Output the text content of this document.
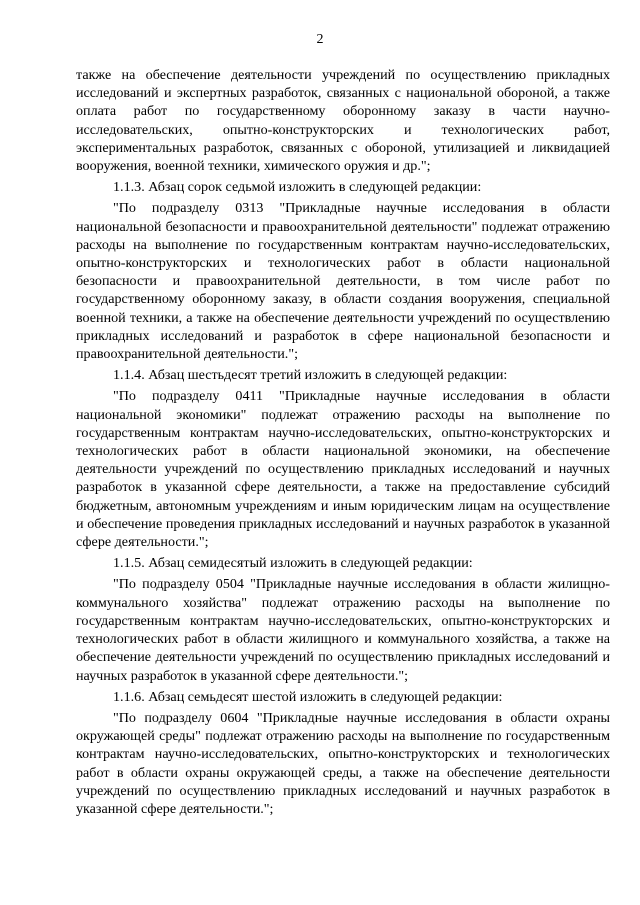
2

также на обеспечение деятельности учреждений по осуществлению прикладных исследований и экспертных разработок, связанных с национальной обороной, а также оплата работ по государственному оборонному заказу в части научно-исследовательских, опытно-конструкторских и технологических работ, экспериментальных разработок, связанных с обороной, утилизацией и ликвидацией вооружения, военной техники, химического оружия и др.";

1.1.3. Абзац сорок седьмой изложить в следующей редакции:

"По подразделу 0313 "Прикладные научные исследования в области национальной безопасности и правоохранительной деятельности" подлежат отражению расходы на выполнение по государственным контрактам научно-исследовательских, опытно-конструкторских и технологических работ в области национальной безопасности и правоохранительной деятельности, в том числе работ по государственному оборонному заказу, в области создания вооружения, специальной военной техники, а также на обеспечение деятельности учреждений по осуществлению прикладных исследований и разработок в сфере национальной безопасности и правоохранительной деятельности.";

1.1.4. Абзац шестьдесят третий изложить в следующей редакции:

"По подразделу 0411 "Прикладные научные исследования в области национальной экономики" подлежат отражению расходы на выполнение по государственным контрактам научно-исследовательских, опытно-конструкторских и технологических работ в области национальной экономики, на обеспечение деятельности учреждений по осуществлению прикладных исследований и научных разработок в указанной сфере деятельности, а также на предоставление субсидий бюджетным, автономным учреждениям и иным юридическим лицам на осуществление и обеспечение проведения прикладных исследований и научных разработок в указанной сфере деятельности.";

1.1.5. Абзац семидесятый изложить в следующей редакции:

"По подразделу 0504 "Прикладные научные исследования в области жилищно-коммунального хозяйства" подлежат отражению расходы на выполнение по государственным контрактам научно-исследовательских, опытно-конструкторских и технологических работ в области жилищного и коммунального хозяйства, а также на обеспечение деятельности учреждений по осуществлению прикладных исследований и научных разработок в указанной сфере деятельности.";

1.1.6. Абзац семьдесят шестой изложить в следующей редакции:

"По подразделу 0604 "Прикладные научные исследования в области охраны окружающей среды" подлежат отражению расходы на выполнение по государственным контрактам научно-исследовательских, опытно-конструкторских и технологических работ в области охраны окружающей среды, а также на обеспечение деятельности учреждений по осуществлению прикладных исследований и научных разработок в указанной сфере деятельности.";
